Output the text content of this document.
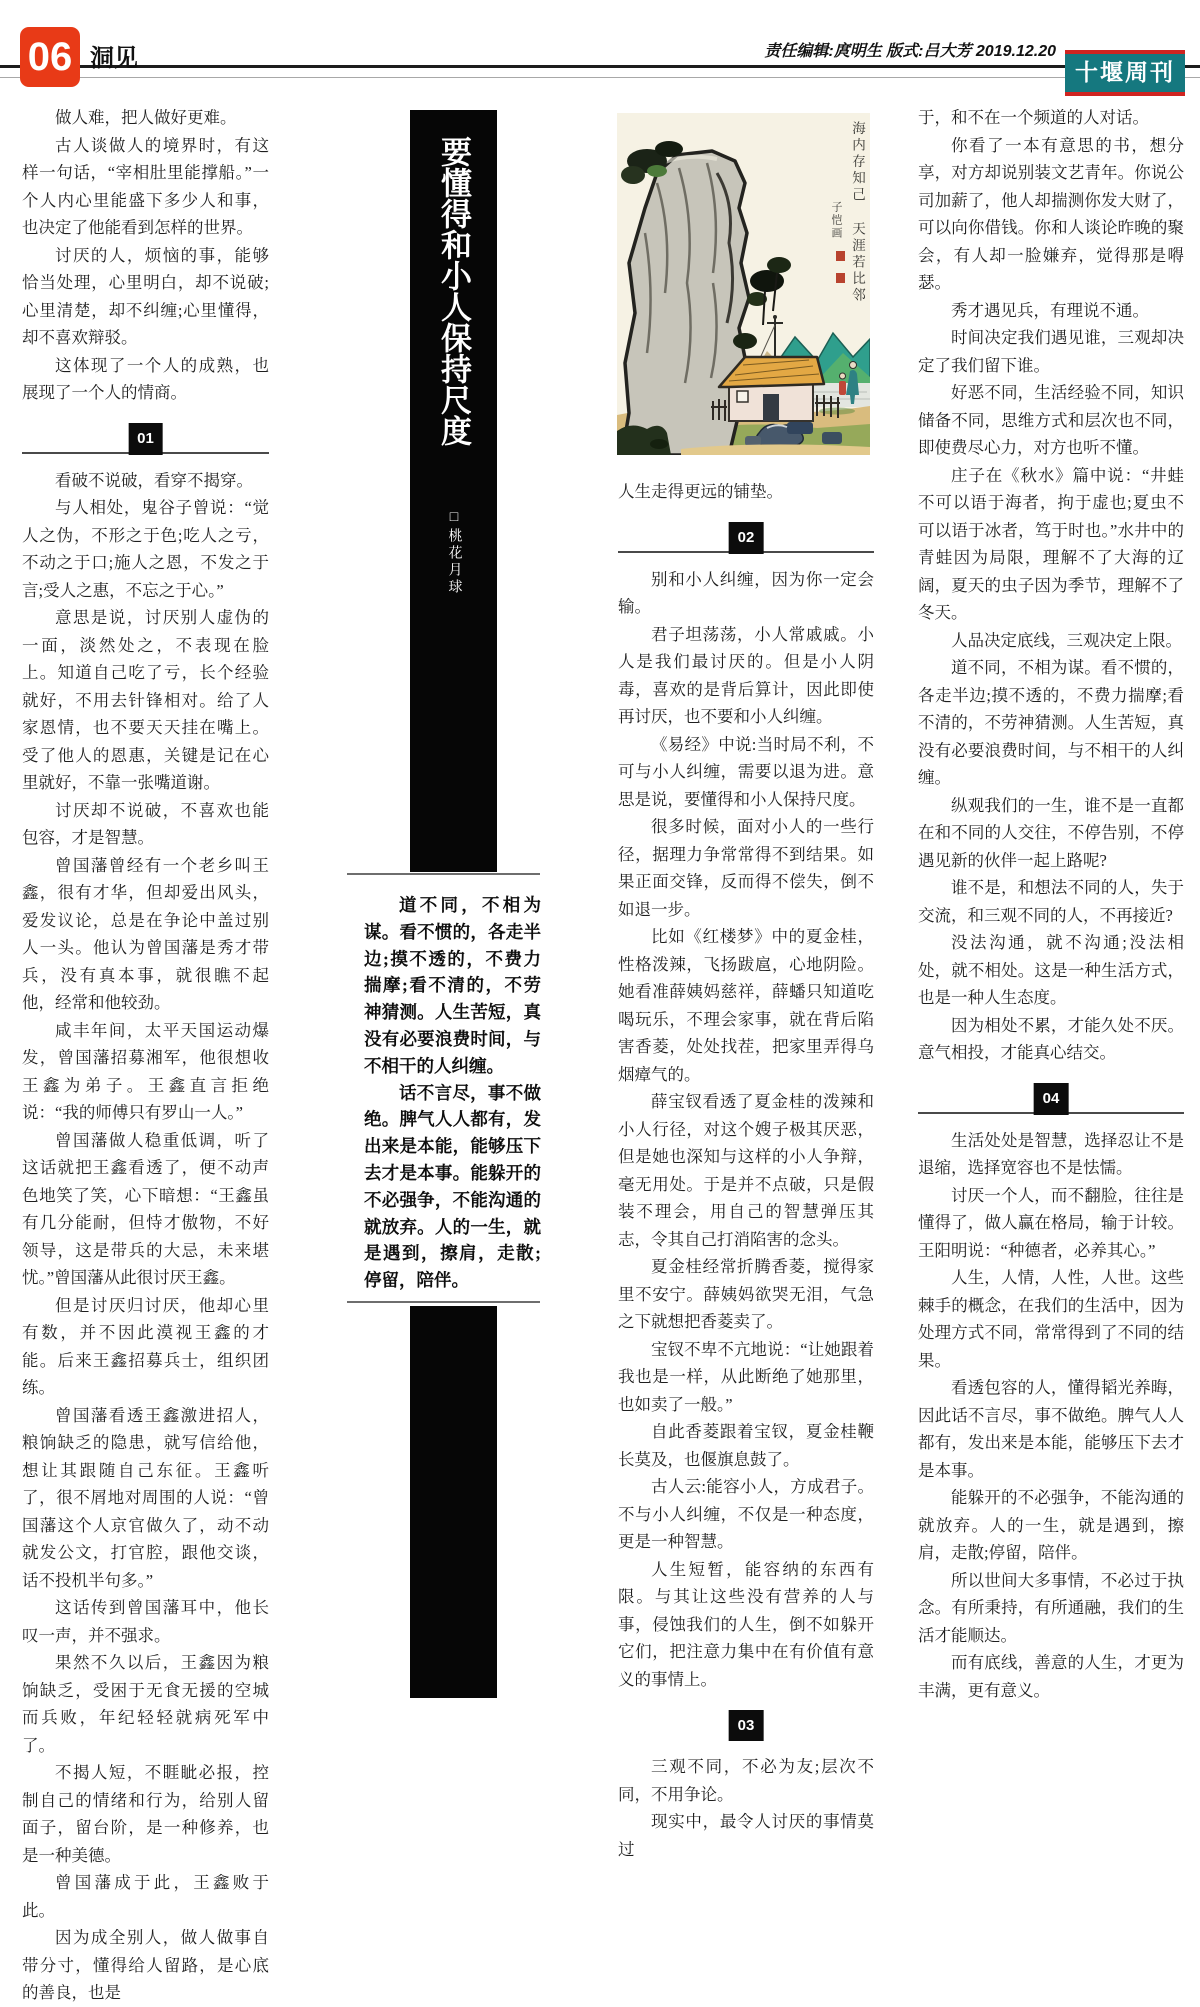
06 洞见	责任编辑:庹明生 版式:吕大芳 2019.12.20
十堰周刊

做人难，把人做好更难。

古人谈做人的境界时，有这样一句话，“宰相肚里能撑船。”一个人内心里能盛下多少人和事，也决定了他能看到怎样的世界。

讨厌的人，烦恼的事，能够恰当处理，心里明白，却不说破;心里清楚，却不纠缠;心里懂得，却不喜欢辩驳。

这体现了一个人的成熟，也展现了一个人的情商。

01

看破不说破，看穿不揭穿。

与人相处，鬼谷子曾说：“觉人之伪，不形之于色;吃人之亏，不动之于口;施人之恩，不发之于言;受人之惠，不忘之于心。”

意思是说，讨厌别人虚伪的一面，淡然处之，不表现在脸上。知道自己吃了亏，长个经验就好，不用去针锋相对。给了人家恩情，也不要天天挂在嘴上。受了他人的恩惠，关键是记在心里就好，不靠一张嘴道谢。

讨厌却不说破，不喜欢也能包容，才是智慧。

曾国藩曾经有一个老乡叫王鑫，很有才华，但却爱出风头，爱发议论，总是在争论中盖过别人一头。他认为曾国藩是秀才带兵，没有真本事，就很瞧不起他，经常和他较劲。

咸丰年间，太平天国运动爆发，曾国藩招募湘军，他很想收王鑫为弟子。王鑫直言拒绝说：“我的师傅只有罗山一人。”

曾国藩做人稳重低调，听了这话就把王鑫看透了，便不动声色地笑了笑，心下暗想：“王鑫虽有几分能耐，但恃才傲物，不好领导，这是带兵的大忌，未来堪忧。”曾国藩从此很讨厌王鑫。

但是讨厌归讨厌，他却心里有数，并不因此漠视王鑫的才能。后来王鑫招募兵士，组织团练。

曾国藩看透王鑫激进招人，粮饷缺乏的隐患，就写信给他，想让其跟随自己东征。王鑫听了，很不屑地对周围的人说：“曾国藩这个人京官做久了，动不动就发公文，打官腔，跟他交谈，话不投机半句多。”

这话传到曾国藩耳中，他长叹一声，并不强求。

果然不久以后，王鑫因为粮饷缺乏，受困于无食无援的空城而兵败，年纪轻轻就病死军中了。

不揭人短，不睚眦必报，控制自己的情绪和行为，给别人留面子，留台阶，是一种修养，也是一种美德。

曾国藩成于此，王鑫败于此。

因为成全别人，做人做事自带分寸，懂得给人留路，是心底的善良，也是

要懂得和小人保持尺度
□桃花月球

道不同，不相为谋。看不惯的，各走半边;摸不透的，不费力揣摩;看不清的，不劳神猜测。人生苦短，真没有必要浪费时间，与不相干的人纠缠。

话不言尽，事不做绝。脾气人人都有，发出来是本能，能够压下去才是本事。能躲开的不必强争，不能沟通的就放弃。人的一生，就是遇到，擦肩，走散;停留，陪伴。

海内存知己 天涯若比邻
子恺画

人生走得更远的铺垫。

02

别和小人纠缠，因为你一定会输。

君子坦荡荡，小人常戚戚。小人是我们最讨厌的。但是小人阴毒，喜欢的是背后算计，因此即使再讨厌，也不要和小人纠缠。

《易经》中说:当时局不利，不可与小人纠缠，需要以退为进。意思是说，要懂得和小人保持尺度。

很多时候，面对小人的一些行径，据理力争常常得不到结果。如果正面交锋，反而得不偿失，倒不如退一步。

比如《红楼梦》中的夏金桂，性格泼辣，飞扬跋扈，心地阴险。她看准薛姨妈慈祥，薛蟠只知道吃喝玩乐，不理会家事，就在背后陷害香菱，处处找茬，把家里弄得乌烟瘴气的。

薛宝钗看透了夏金桂的泼辣和小人行径，对这个嫂子极其厌恶，但是她也深知与这样的小人争辩，毫无用处。于是并不点破，只是假装不理会，用自己的智慧弹压其志，令其自己打消陷害的念头。

夏金桂经常折腾香菱，搅得家里不安宁。薛姨妈欲哭无泪，气急之下就想把香菱卖了。

宝钗不卑不亢地说：“让她跟着我也是一样，从此断绝了她那里，也如卖了一般。”

自此香菱跟着宝钗，夏金桂鞭长莫及，也偃旗息鼓了。

古人云:能容小人，方成君子。不与小人纠缠，不仅是一种态度，更是一种智慧。

人生短暂，能容纳的东西有限。与其让这些没有营养的人与事，侵蚀我们的人生，倒不如躲开它们，把注意力集中在有价值有意义的事情上。

03

三观不同，不必为友;层次不同，不用争论。

现实中，最令人讨厌的事情莫过

于，和不在一个频道的人对话。

你看了一本有意思的书，想分享，对方却说别装文艺青年。你说公司加薪了，他人却揣测你发大财了，可以向你借钱。你和人谈论昨晚的聚会，有人却一脸嫌弃，觉得那是嘚瑟。

秀才遇见兵，有理说不通。

时间决定我们遇见谁，三观却决定了我们留下谁。

好恶不同，生活经验不同，知识储备不同，思维方式和层次也不同，即使费尽心力，对方也听不懂。

庄子在《秋水》篇中说：“井蛙不可以语于海者，拘于虚也;夏虫不可以语于冰者，笃于时也。”水井中的青蛙因为局限，理解不了大海的辽阔，夏天的虫子因为季节，理解不了冬天。

人品决定底线，三观决定上限。

道不同，不相为谋。看不惯的，各走半边;摸不透的，不费力揣摩;看不清的，不劳神猜测。人生苦短，真没有必要浪费时间，与不相干的人纠缠。

纵观我们的一生，谁不是一直都在和不同的人交往，不停告别，不停遇见新的伙伴一起上路呢?

谁不是，和想法不同的人，失于交流，和三观不同的人，不再接近?

没法沟通，就不沟通;没法相处，就不相处。这是一种生活方式，也是一种人生态度。

因为相处不累，才能久处不厌。意气相投，才能真心结交。

04

生活处处是智慧，选择忍让不是退缩，选择宽容也不是怯懦。

讨厌一个人，而不翻脸，往往是懂得了，做人赢在格局，输于计较。王阳明说：“种德者，必养其心。”

人生，人情，人性，人世。这些棘手的概念，在我们的生活中，因为处理方式不同，常常得到了不同的结果。

看透包容的人，懂得韬光养晦，因此话不言尽，事不做绝。脾气人人都有，发出来是本能，能够压下去才是本事。

能躲开的不必强争，不能沟通的就放弃。人的一生，就是遇到，擦肩，走散;停留，陪伴。

所以世间大多事情，不必过于执念。有所秉持，有所通融，我们的生活才能顺达。

而有底线，善意的人生，才更为丰满，更有意义。
